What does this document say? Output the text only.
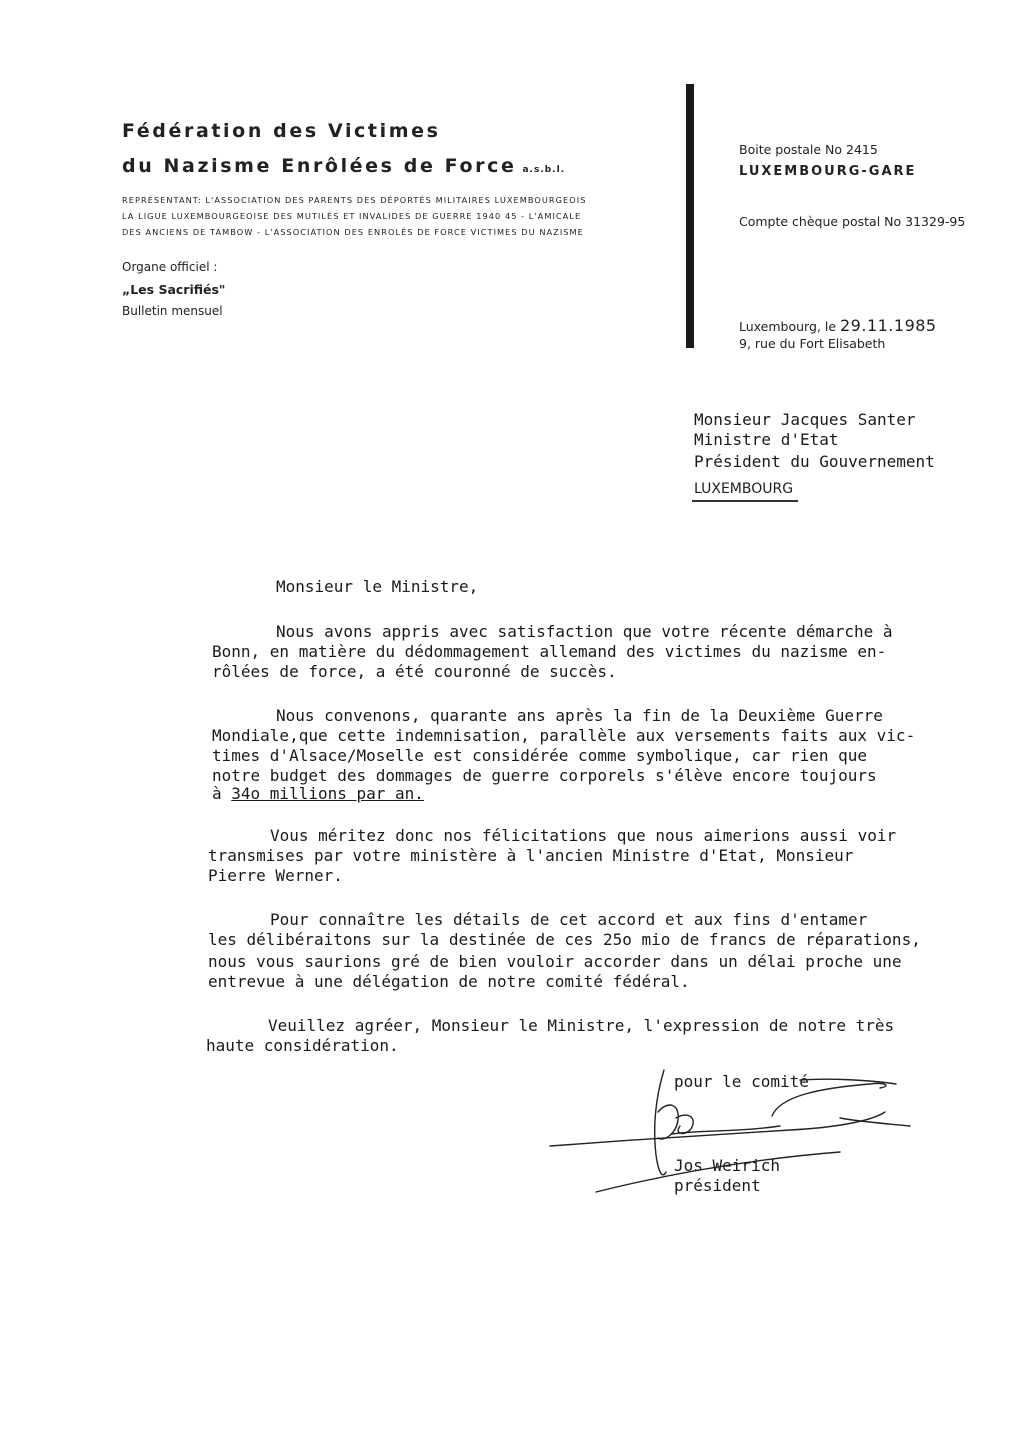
Fédération des Victimes
du Nazisme Enrôlées de Force a.s.b.l.
REPRÉSENTANT: L'ASSOCIATION DES PARENTS DES DÉPORTÉS MILITAIRES LUXEMBOURGEOIS
LA LIGUE LUXEMBOURGEOISE DES MUTILÉS ET INVALIDES DE GUERRE 1940 45 - L'AMICALE
DES ANCIENS DE TAMBOW - L'ASSOCIATION DES ENROLÉS DE FORCE VICTIMES DU NAZISME
Organe officiel :
„Les Sacrifiés"
Bulletin mensuel
Boite postale No 2415
LUXEMBOURG-GARE
Compte chèque postal No 31329-95
Luxembourg, le 29.11.1985
9, rue du Fort Elisabeth
Monsieur Jacques Santer
Ministre d'Etat
Président du Gouvernement
LUXEMBOURG
Monsieur le Ministre,
Nous avons appris avec satisfaction que votre récente démarche à
Bonn, en matière du dédommagement allemand des victimes du nazisme en-
rôlées de force, a été couronné de succès.
Nous convenons, quarante ans après la fin de la Deuxième Guerre
Mondiale,que cette indemnisation, parallèle aux versements faits aux vic-
times d'Alsace/Moselle est considérée comme symbolique, car rien que
notre budget des dommages de guerre corporels s'élève encore toujours
à 34o millions par an.
Vous méritez donc nos félicitations que nous aimerions aussi voir
transmises par votre ministère à l'ancien Ministre d'Etat, Monsieur
Pierre Werner.
Pour connaître les détails de cet accord et aux fins d'entamer
les délibéraitons sur la destinée de ces 25o mio de francs de réparations,
nous vous saurions gré de bien vouloir accorder dans un délai proche une
entrevue à une délégation de notre comité fédéral.
Veuillez agréer, Monsieur le Ministre, l'expression de notre très
haute considération.
pour le comité
Jos Weirich
président
